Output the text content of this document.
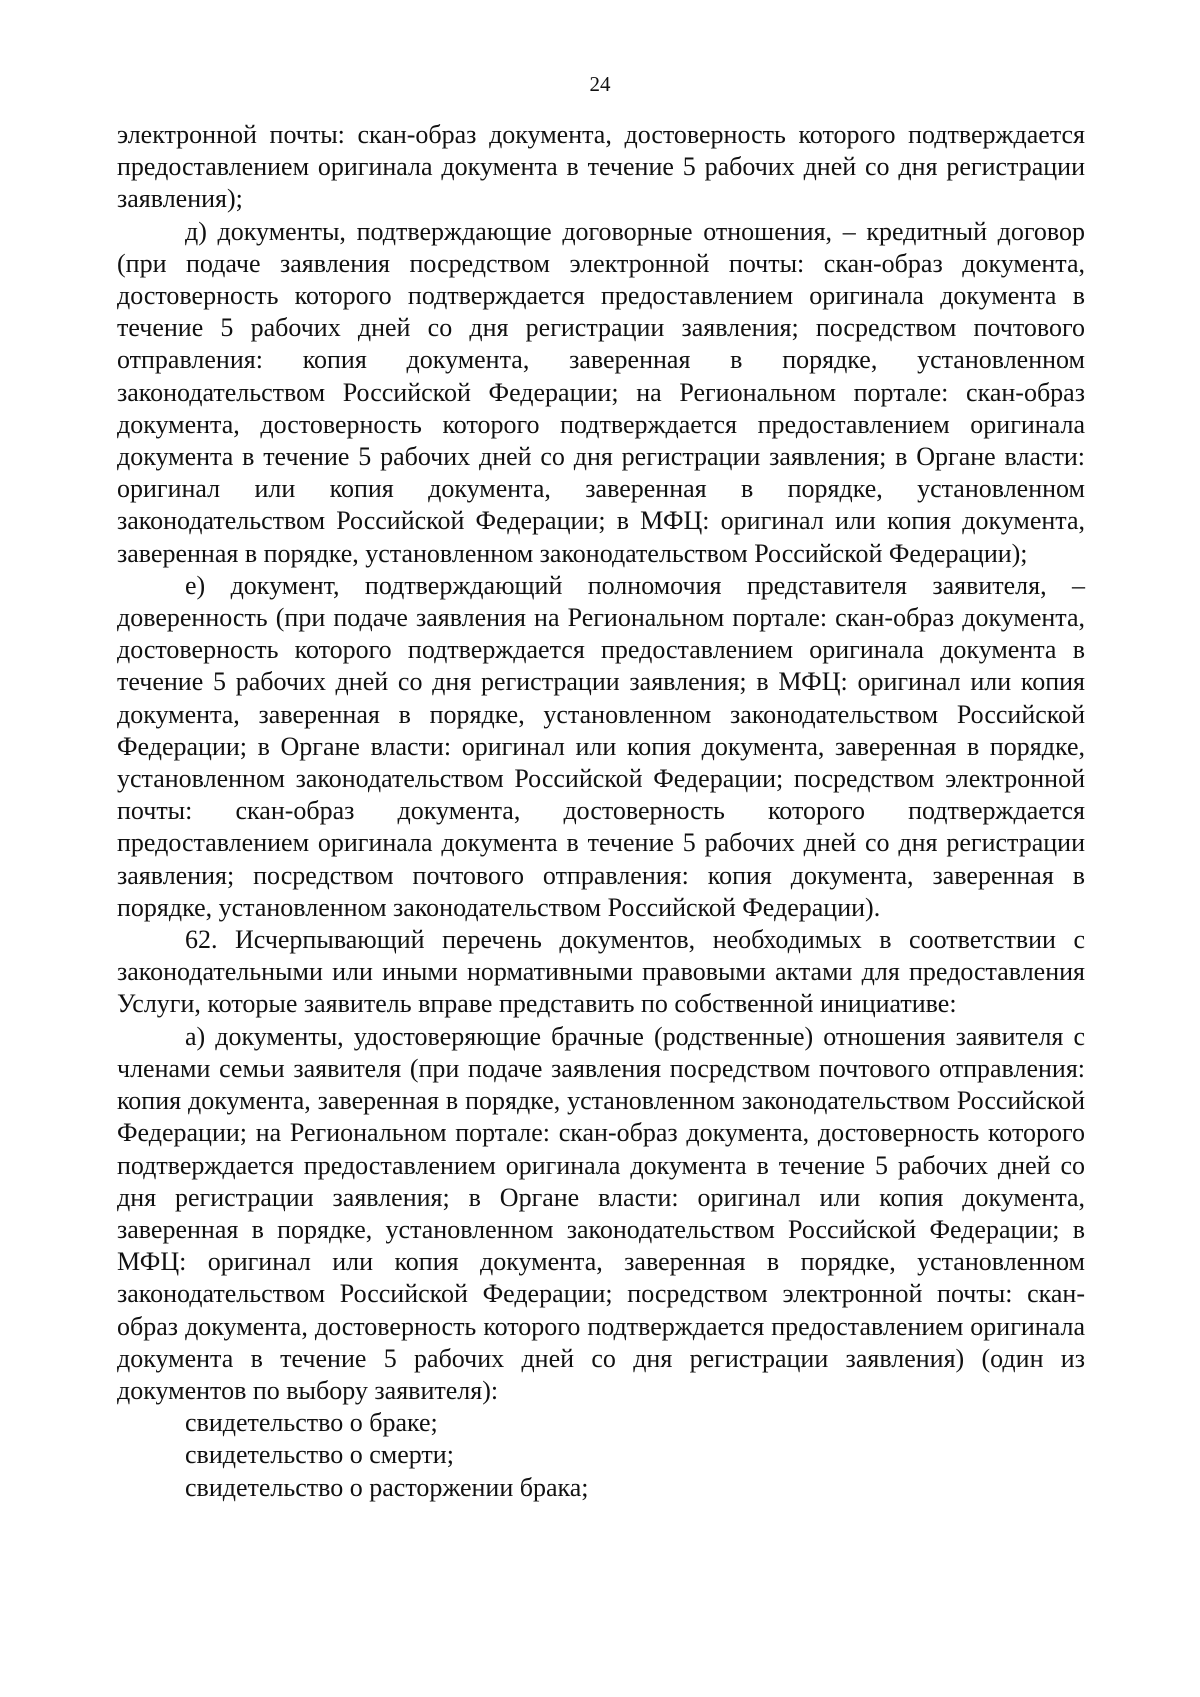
24

электронной почты: скан-образ документа, достоверность которого подтверждается предоставлением оригинала документа в течение 5 рабочих дней со дня регистрации заявления);

д) документы, подтверждающие договорные отношения, – кредитный договор (при подаче заявления посредством электронной почты: скан-образ документа, достоверность которого подтверждается предоставлением оригинала документа в течение 5 рабочих дней со дня регистрации заявления; посредством почтового отправления: копия документа, заверенная в порядке, установленном законодательством Российской Федерации; на Региональном портале: скан-образ документа, достоверность которого подтверждается предоставлением оригинала документа в течение 5 рабочих дней со дня регистрации заявления; в Органе власти: оригинал или копия документа, заверенная в порядке, установленном законодательством Российской Федерации; в МФЦ: оригинал или копия документа, заверенная в порядке, установленном законодательством Российской Федерации);

е) документ, подтверждающий полномочия представителя заявителя, – доверенность (при подаче заявления на Региональном портале: скан-образ документа, достоверность которого подтверждается предоставлением оригинала документа в течение 5 рабочих дней со дня регистрации заявления; в МФЦ: оригинал или копия документа, заверенная в порядке, установленном законодательством Российской Федерации; в Органе власти: оригинал или копия документа, заверенная в порядке, установленном законодательством Российской Федерации; посредством электронной почты: скан-образ документа, достоверность которого подтверждается предоставлением оригинала документа в течение 5 рабочих дней со дня регистрации заявления; посредством почтового отправления: копия документа, заверенная в порядке, установленном законодательством Российской Федерации).

62. Исчерпывающий перечень документов, необходимых в соответствии с законодательными или иными нормативными правовыми актами для предоставления Услуги, которые заявитель вправе представить по собственной инициативе:

а) документы, удостоверяющие брачные (родственные) отношения заявителя с членами семьи заявителя (при подаче заявления посредством почтового отправления: копия документа, заверенная в порядке, установленном законодательством Российской Федерации; на Региональном портале: скан-образ документа, достоверность которого подтверждается предоставлением оригинала документа в течение 5 рабочих дней со дня регистрации заявления; в Органе власти: оригинал или копия документа, заверенная в порядке, установленном законодательством Российской Федерации; в МФЦ: оригинал или копия документа, заверенная в порядке, установленном законодательством Российской Федерации; посредством электронной почты: скан-образ документа, достоверность которого подтверждается предоставлением оригинала документа в течение 5 рабочих дней со дня регистрации заявления) (один из документов по выбору заявителя):

свидетельство о браке;

свидетельство о смерти;

свидетельство о расторжении брака;
